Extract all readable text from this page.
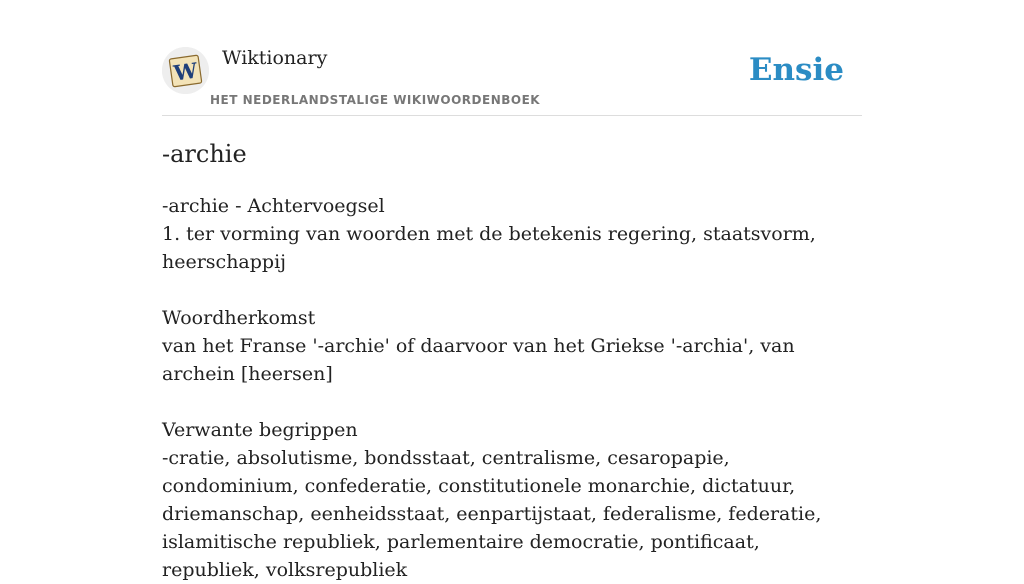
W Wiktionary
HET NEDERLANDSTALIGE WIKIWOORDENBOEK
Ensie
-archie
-archie - Achtervoegsel
1. ter vorming van woorden met de betekenis regering, staatsvorm, heerschappij
Woordherkomst
van het Franse '-archie' of daarvoor van het Griekse '-archia', van archein [heersen]
Verwante begrippen
-cratie, absolutisme, bondsstaat, centralisme, cesaropapie, condominium, confederatie, constitutionele monarchie, dictatuur, driemanschap, eenheidsstaat, eenpartijstaat, federalisme, federatie, islamitische republiek, parlementaire democratie, pontificaat, republiek, volksrepubliek
